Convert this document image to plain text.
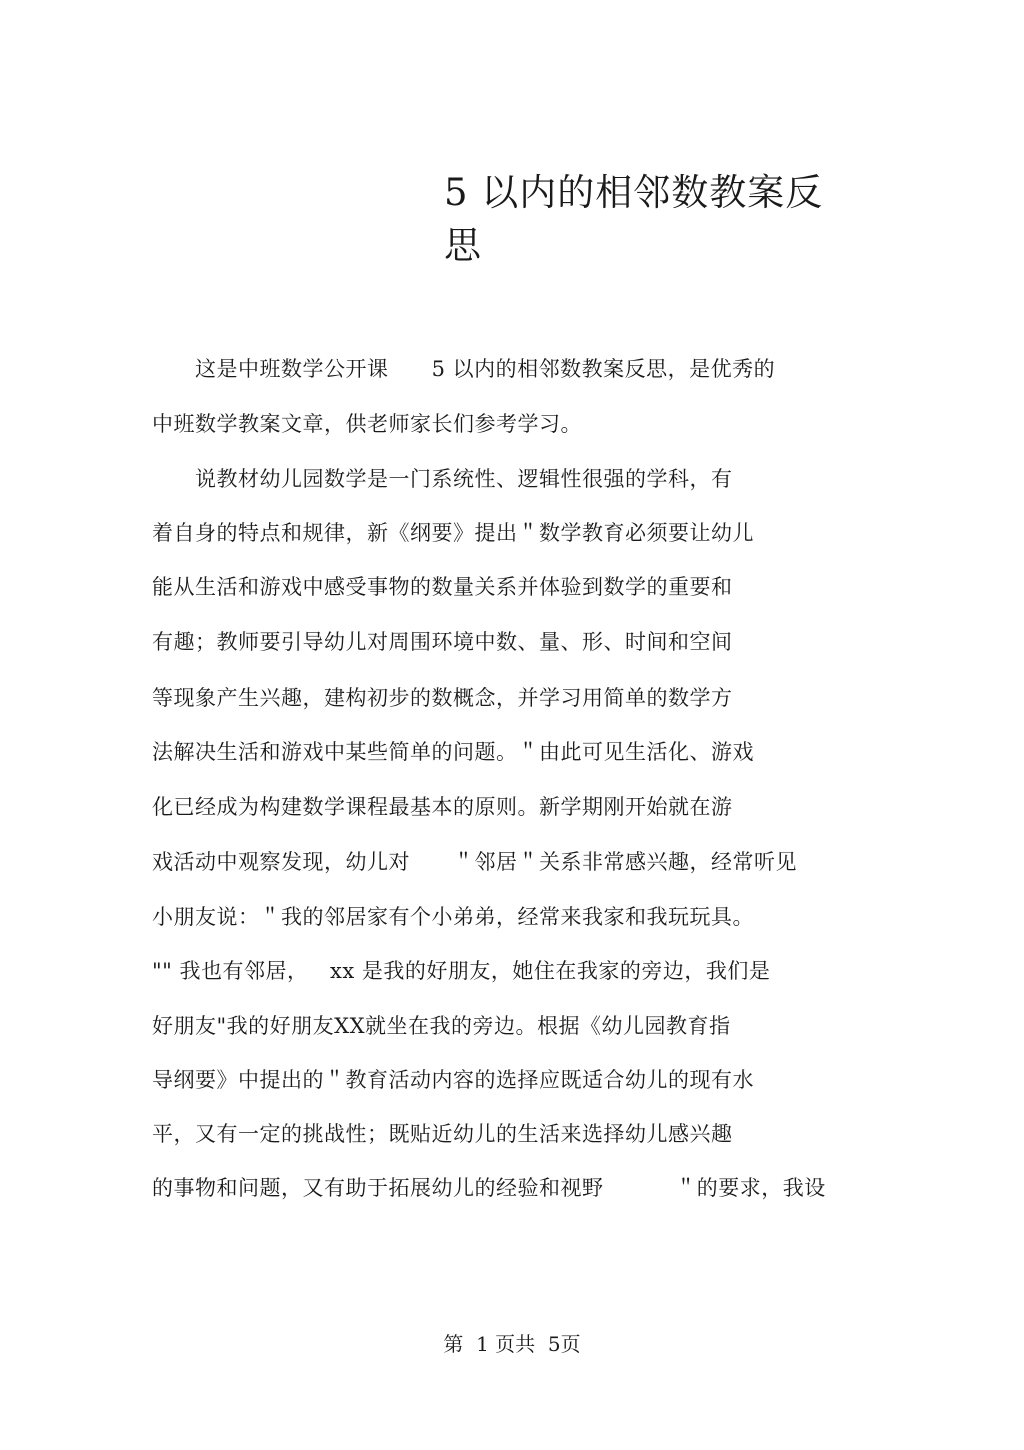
5 以内的相邻数教案反
思
这是中班数学公开课      5 以内的相邻数教案反思，是优秀的
中班数学教案文章，供老师家长们参考学习。
说教材幼儿园数学是一门系统性、逻辑性很强的学科，有
着自身的特点和规律，新《纲要》提出＂数学教育必须要让幼儿
能从生活和游戏中感受事物的数量关系并体验到数学的重要和
有趣；教师要引导幼儿对周围环境中数、量、形、时间和空间
等现象产生兴趣，建构初步的数概念，并学习用简单的数学方
法解决生活和游戏中某些简单的问题。＂由此可见生活化、游戏
化已经成为构建数学课程最基本的原则。新学期刚开始就在游
戏活动中观察发现，幼儿对      ＂邻居＂关系非常感兴趣，经常听见
小朋友说：＂我的邻居家有个小弟弟，经常来我家和我玩玩具。
"" 我也有邻居，   xx 是我的好朋友，她住在我家的旁边，我们是
好朋友"我的好朋友XX就坐在我的旁边。根据《幼儿园教育指
导纲要》中提出的＂教育活动内容的选择应既适合幼儿的现有水
平，又有一定的挑战性；既贴近幼儿的生活来选择幼儿感兴趣
的事物和问题，又有助于拓展幼儿的经验和视野          ＂的要求，我设
第  1 页共  5页
